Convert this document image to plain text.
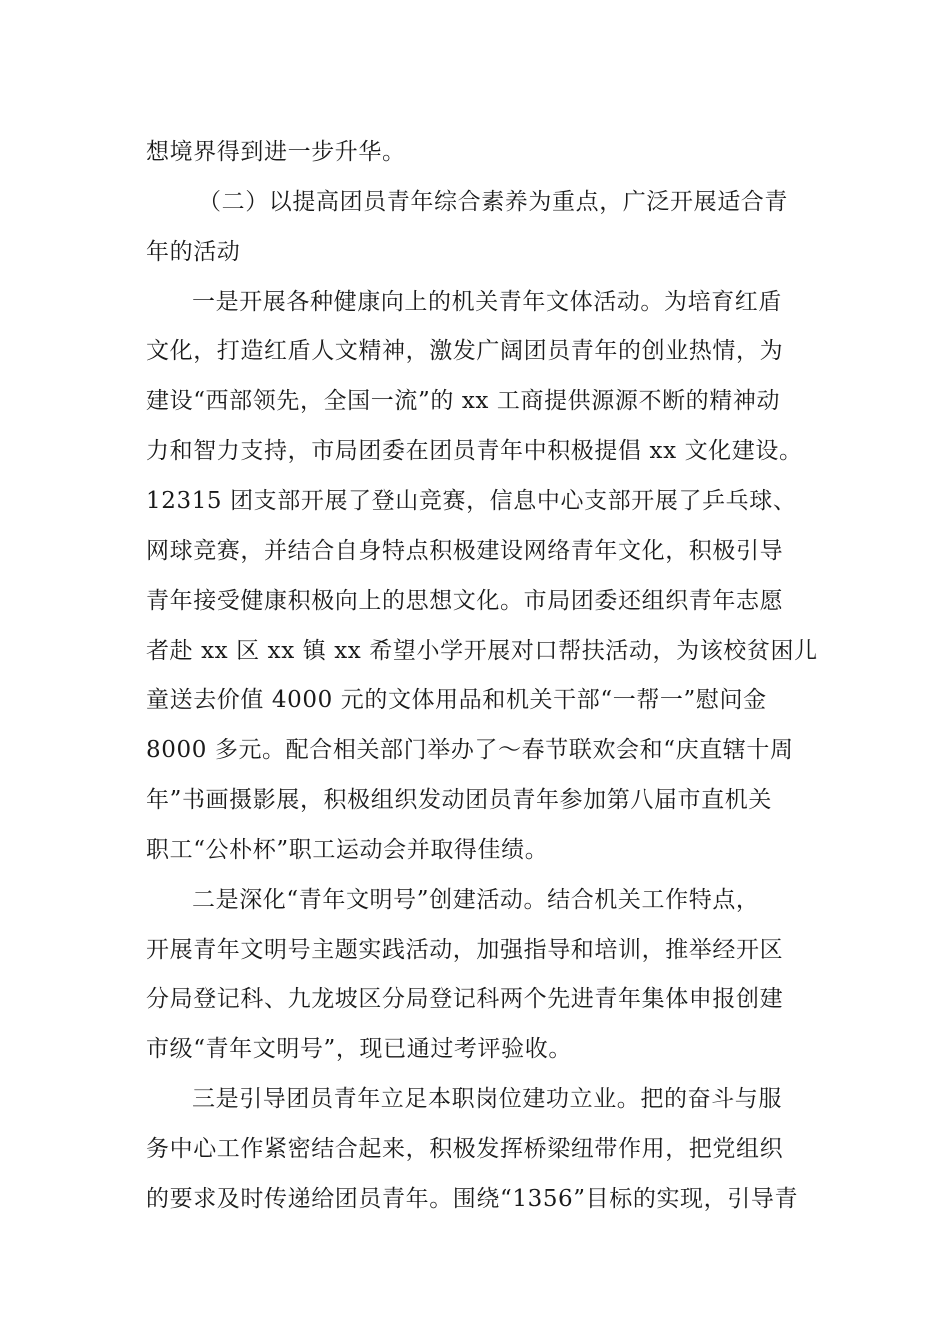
想境界得到进一步升华。

（二）以提高团员青年综合素养为重点，广泛开展适合青

年的活动

一是开展各种健康向上的机关青年文体活动。为培育红盾

文化，打造红盾人文精神，激发广阔团员青年的创业热情，为

建设“西部领先，全国一流”的 xx 工商提供源源不断的精神动

力和智力支持，市局团委在团员青年中积极提倡 xx 文化建设。

12315 团支部开展了登山竞赛，信息中心支部开展了乒乓球、

网球竞赛，并结合自身特点积极建设网络青年文化，积极引导

青年接受健康积极向上的思想文化。市局团委还组织青年志愿

者赴 xx 区 xx 镇 xx 希望小学开展对口帮扶活动，为该校贫困儿

童送去价值 4000 元的文体用品和机关干部“一帮一”慰问金

8000 多元。配合相关部门举办了～春节联欢会和“庆直辖十周

年”书画摄影展，积极组织发动团员青年参加第八届市直机关

职工“公朴杯”职工运动会并取得佳绩。

二是深化“青年文明号”创建活动。结合机关工作特点，

开展青年文明号主题实践活动，加强指导和培训，推举经开区

分局登记科、九龙坡区分局登记科两个先进青年集体申报创建

市级“青年文明号”，现已通过考评验收。

三是引导团员青年立足本职岗位建功立业。把的奋斗与服

务中心工作紧密结合起来，积极发挥桥梁纽带作用，把党组织

的要求及时传递给团员青年。围绕“1356”目标的实现，引导青
